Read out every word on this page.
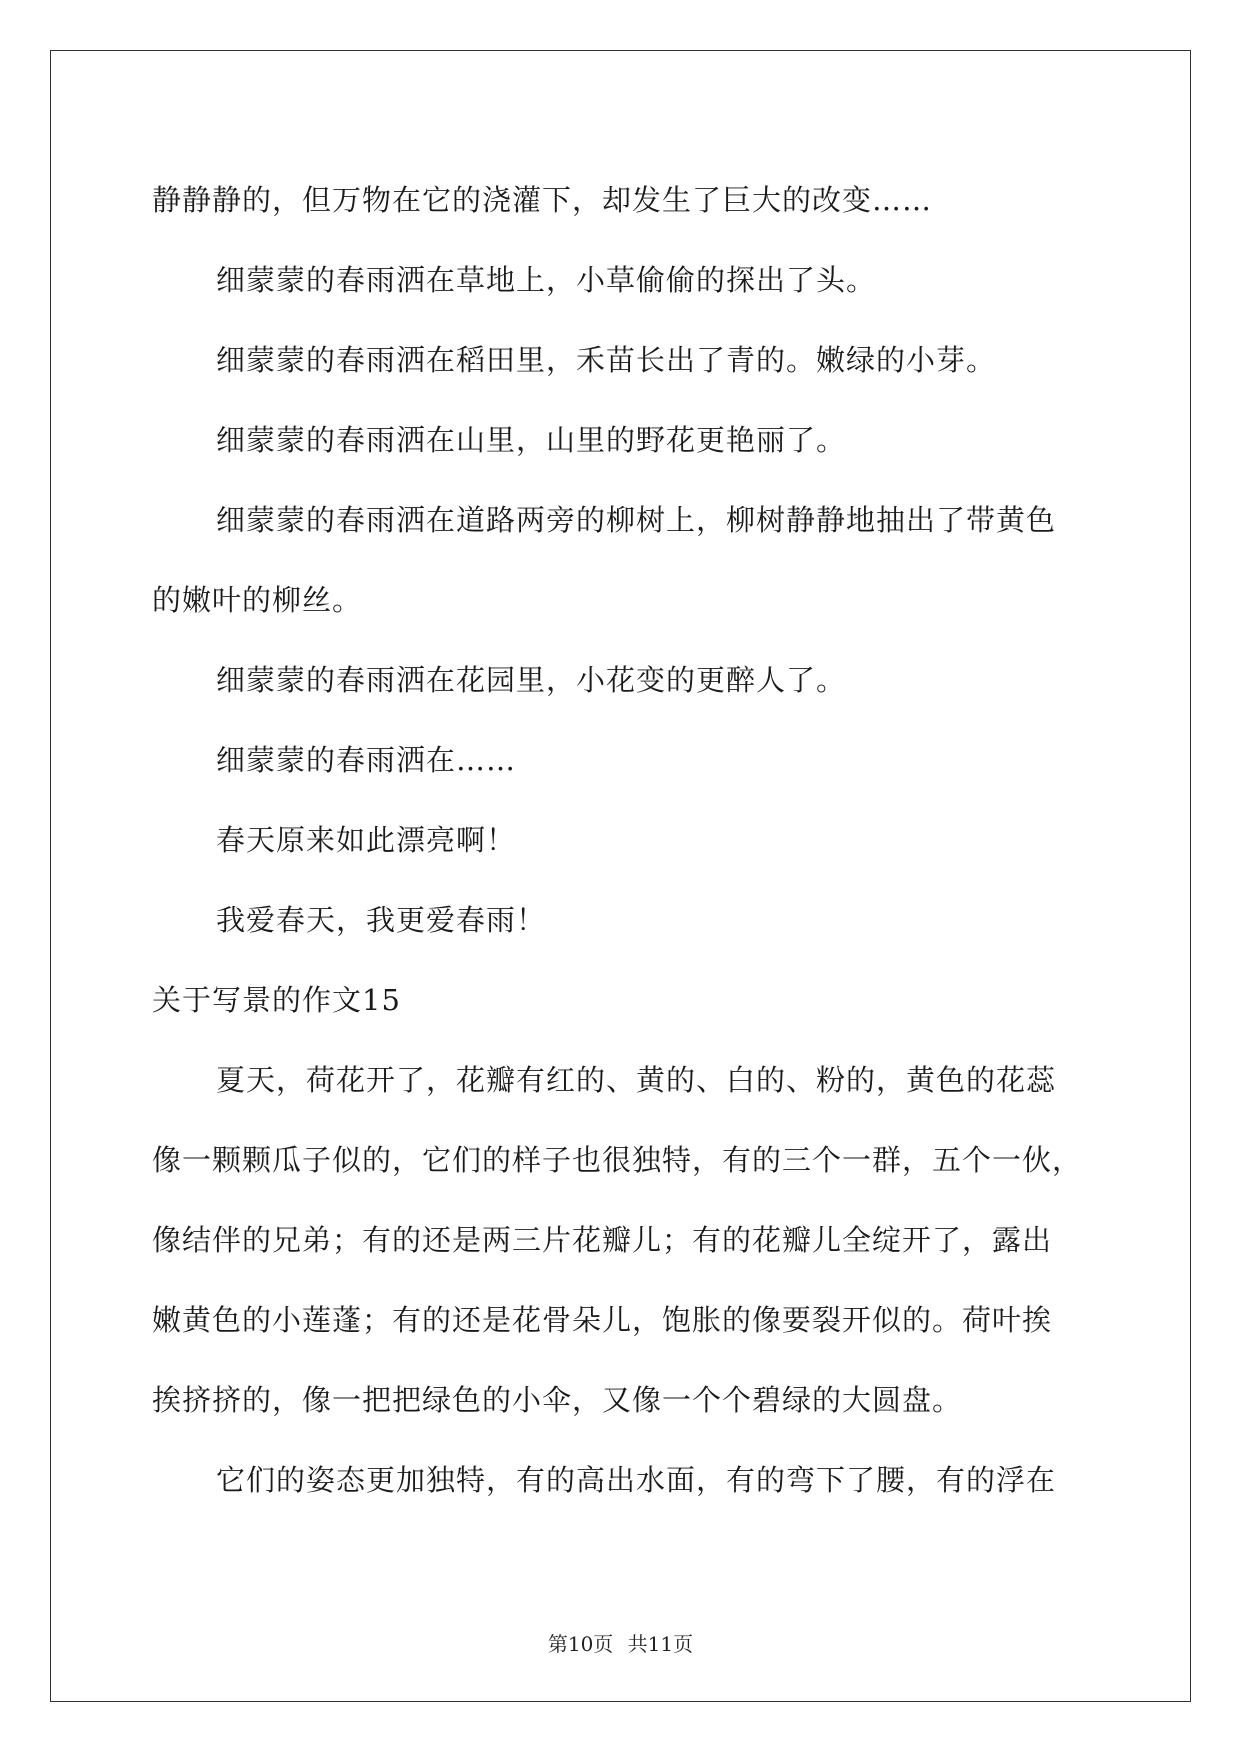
静静静的，但万物在它的浇灌下，却发生了巨大的改变……
细蒙蒙的春雨洒在草地上，小草偷偷的探出了头。
细蒙蒙的春雨洒在稻田里，禾苗长出了青的。嫩绿的小芽。
细蒙蒙的春雨洒在山里，山里的野花更艳丽了。
细蒙蒙的春雨洒在道路两旁的柳树上，柳树静静地抽出了带黄色
的嫩叶的柳丝。
细蒙蒙的春雨洒在花园里，小花变的更醉人了。
细蒙蒙的春雨洒在……
春天原来如此漂亮啊！
我爱春天，我更爱春雨！
关于写景的作文15
夏天，荷花开了，花瓣有红的、黄的、白的、粉的，黄色的花蕊
像一颗颗瓜子似的，它们的样子也很独特，有的三个一群，五个一伙，
像结伴的兄弟；有的还是两三片花瓣儿；有的花瓣儿全绽开了，露出
嫩黄色的小莲蓬；有的还是花骨朵儿，饱胀的像要裂开似的。荷叶挨
挨挤挤的，像一把把绿色的小伞，又像一个个碧绿的大圆盘。
它们的姿态更加独特，有的高出水面，有的弯下了腰，有的浮在
第10页 共11页
